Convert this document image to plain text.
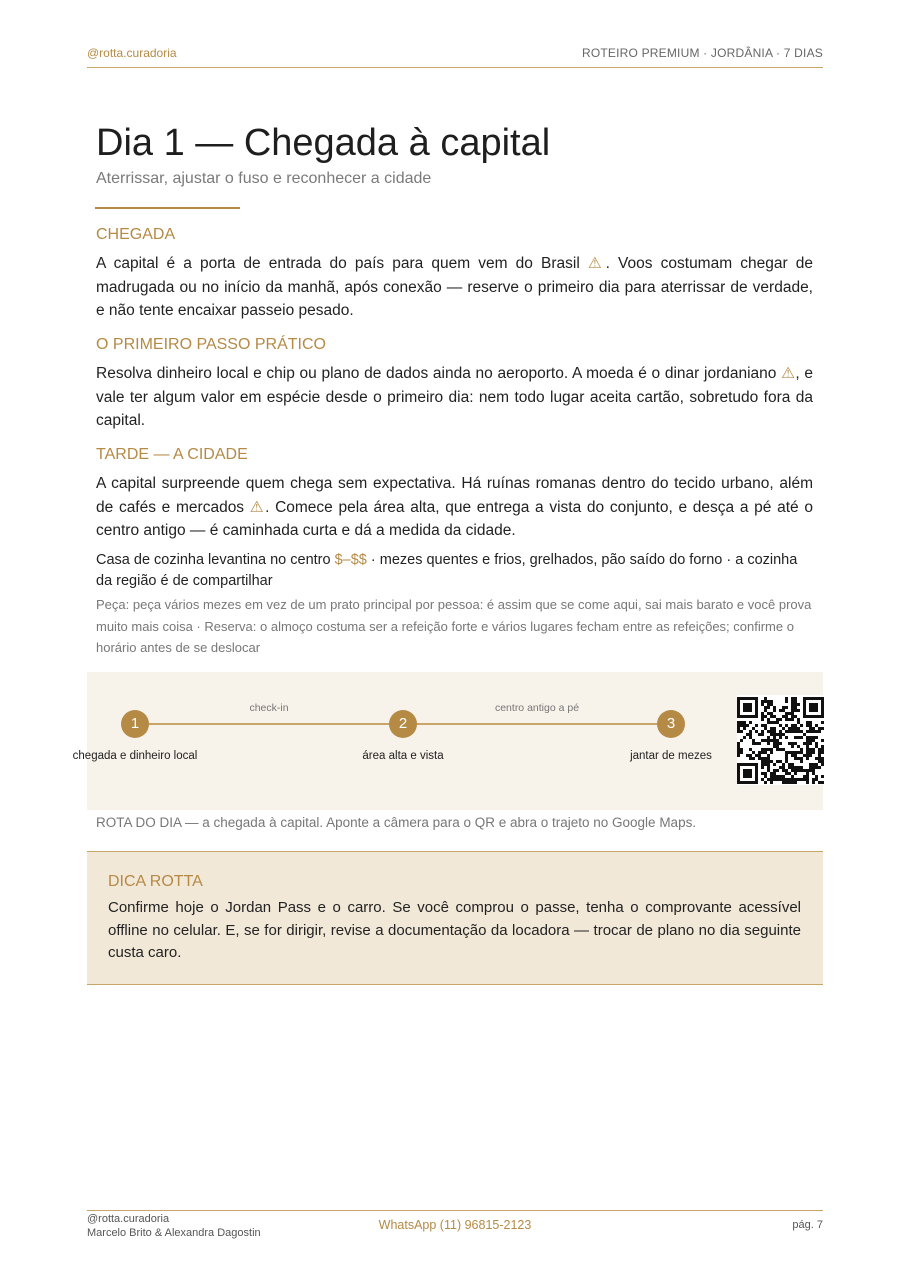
@rotta.curadoria	ROTEIRO PREMIUM · JORDÂNIA · 7 DIAS
Dia 1 — Chegada à capital
Aterrissar, ajustar o fuso e reconhecer a cidade
CHEGADA

A capital é a porta de entrada do país para quem vem do Brasil ⚠. Voos costumam chegar de madrugada ou no início da manhã, após conexão — reserve o primeiro dia para aterrissar de verdade, e não tente encaixar passeio pesado.

O PRIMEIRO PASSO PRÁTICO

Resolva dinheiro local e chip ou plano de dados ainda no aeroporto. A moeda é o dinar jordaniano ⚠, e vale ter algum valor em espécie desde o primeiro dia: nem todo lugar aceita cartão, sobretudo fora da capital.

TARDE — A CIDADE

A capital surpreende quem chega sem expectativa. Há ruínas romanas dentro do tecido urbano, além de cafés e mercados ⚠. Comece pela área alta, que entrega a vista do conjunto, e desça a pé até o centro antigo — é caminhada curta e dá a medida da cidade.

Casa de cozinha levantina no centro $–$$ · mezes quentes e frios, grelhados, pão saído do forno · a cozinha da região é de compartilhar
Peça: peça vários mezes em vez de um prato principal por pessoa: é assim que se come aqui, sai mais barato e você prova muito mais coisa · Reserva: o almoço costuma ser a refeição forte e vários lugares fecham entre as refeições; confirme o horário antes de se deslocar
check-in	centro antigo a pé
1	2	3
chegada e dinheiro local	área alta e vista	jantar de mezes
ROTA DO DIA — a chegada à capital. Aponte a câmera para o QR e abra o trajeto no Google Maps.
DICA ROTTA

Confirme hoje o Jordan Pass e o carro. Se você comprou o passe, tenha o comprovante acessível offline no celular. E, se for dirigir, revise a documentação da locadora — trocar de plano no dia seguinte custa caro.

@rotta.curadoria
Marcelo Brito & Alexandra Dagostin
WhatsApp (11) 96815-2123	pág. 7
